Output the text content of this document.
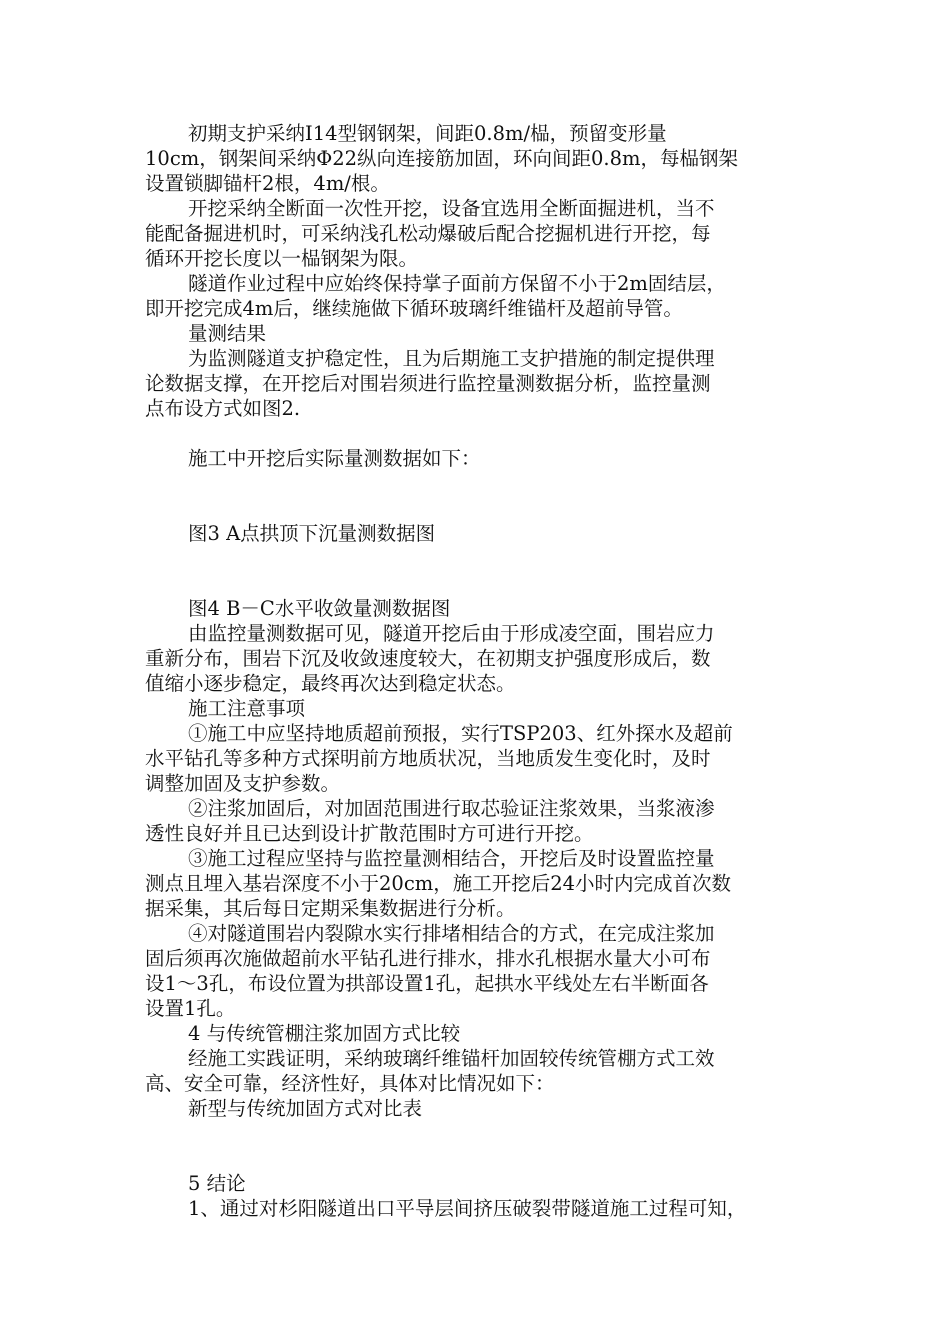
初期支护采纳I14型钢钢架，间距0.8m/榀，预留变形量
10cm，钢架间采纳Φ22纵向连接筋加固，环向间距0.8m，每榀钢架
设置锁脚锚杆2根，4m/根。
开挖采纳全断面一次性开挖，设备宜选用全断面掘进机，当不
能配备掘进机时，可采纳浅孔松动爆破后配合挖掘机进行开挖，每
循环开挖长度以一榀钢架为限。
隧道作业过程中应始终保持掌子面前方保留不小于2m固结层，
即开挖完成4m后，继续施做下循环玻璃纤维锚杆及超前导管。
量测结果
为监测隧道支护稳定性，且为后期施工支护措施的制定提供理
论数据支撑，在开挖后对围岩须进行监控量测数据分析，监控量测
点布设方式如图2.
施工中开挖后实际量测数据如下：
图3 A点拱顶下沉量测数据图
图4 B－C水平收敛量测数据图
由监控量测数据可见，隧道开挖后由于形成凌空面，围岩应力
重新分布，围岩下沉及收敛速度较大，在初期支护强度形成后，数
值缩小逐步稳定，最终再次达到稳定状态。
施工注意事项
①施工中应坚持地质超前预报，实行TSP203、红外探水及超前
水平钻孔等多种方式探明前方地质状况，当地质发生变化时，及时
调整加固及支护参数。
②注浆加固后，对加固范围进行取芯验证注浆效果，当浆液渗
透性良好并且已达到设计扩散范围时方可进行开挖。
③施工过程应坚持与监控量测相结合，开挖后及时设置监控量
测点且埋入基岩深度不小于20cm，施工开挖后24小时内完成首次数
据采集，其后每日定期采集数据进行分析。
④对隧道围岩内裂隙水实行排堵相结合的方式，在完成注浆加
固后须再次施做超前水平钻孔进行排水，排水孔根据水量大小可布
设1～3孔，布设位置为拱部设置1孔，起拱水平线处左右半断面各
设置1孔。
4 与传统管棚注浆加固方式比较
经施工实践证明，采纳玻璃纤维锚杆加固较传统管棚方式工效
高、安全可靠，经济性好，具体对比情况如下：
新型与传统加固方式对比表
5 结论
1、通过对杉阳隧道出口平导层间挤压破裂带隧道施工过程可知，
